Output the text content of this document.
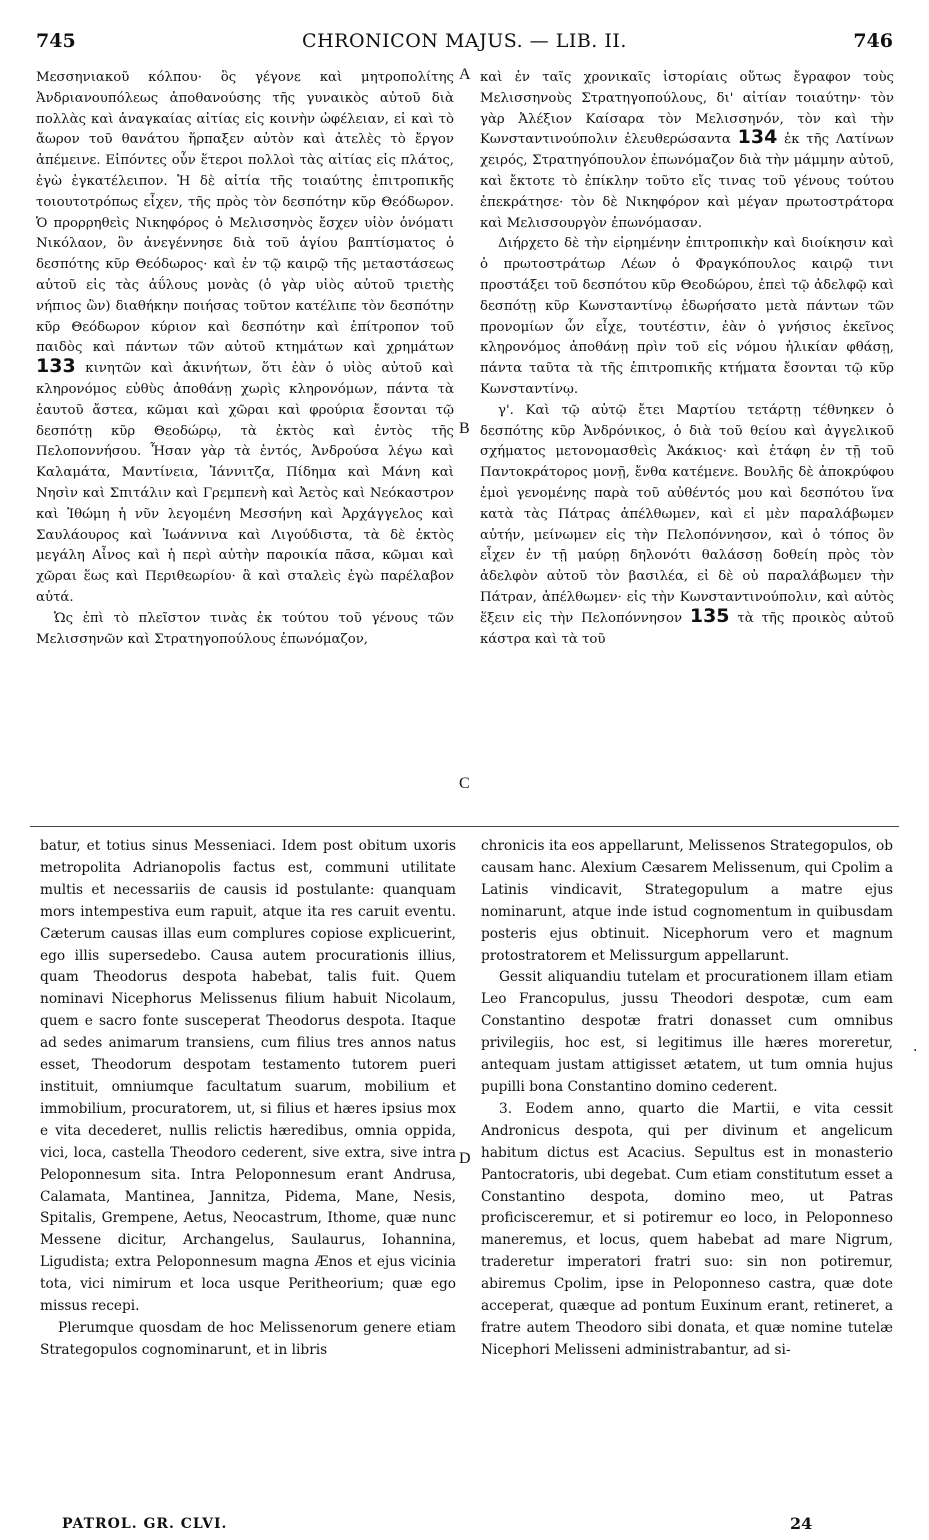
745	CHRONICON MAJUS. — LIB. II.	746

Μεσσηνιακοῦ κόλπου· ὃς γέγονε καὶ μητροπολίτης Ἀνδριανουπόλεως ἀποθανούσης τῆς γυναικὸς αὐτοῦ διὰ πολλὰς καὶ ἀναγκαίας αἰτίας εἰς κοινὴν ὠφέλειαν, εἰ καὶ τὸ ἄωρον τοῦ θανάτου ἥρπαξεν αὐτὸν καὶ ἀτελὲς τὸ ἔργον ἀπέμεινε. Εἰπόντες οὖν ἕτεροι πολλοὶ τὰς αἰτίας εἰς πλάτος, ἐγὼ ἐγκατέλειπον. Ἡ δὲ αἰτία τῆς τοιαύτης ἐπιτροπικῆς τοιουτοτρόπως εἶχεν, τῆς πρὸς τὸν δεσπότην κῦρ Θεόδωρον. Ὁ προρρηθεὶς Νικηφόρος ὁ Μελισσηνὸς ἔσχεν υἱὸν ὀνόματι Νικόλαον, ὃν ἀνεγέννησε διὰ τοῦ ἁγίου βαπτίσματος ὁ δεσπότης κῦρ Θεόδωρος· καὶ ἐν τῷ καιρῷ τῆς μεταστάσεως αὐτοῦ εἰς τὰς ἀΰλους μονὰς (ὁ γὰρ υἱὸς αὐτοῦ τριετὴς νήπιος ὢν) διαθήκην ποιήσας τοῦτον κατέλιπε τὸν δεσπότην κῦρ Θεόδωρον κύριον καὶ δεσπότην καὶ ἐπίτροπον τοῦ παιδὸς καὶ πάντων τῶν αὐτοῦ κτημάτων καὶ χρημάτων 133 κινητῶν καὶ ἀκινήτων, ὅτι ἐὰν ὁ υἱὸς αὐτοῦ καὶ κληρονόμος εὐθὺς ἀποθάνῃ χωρὶς κληρονόμων, πάντα τὰ ἑαυτοῦ ἄστεα, κῶμαι καὶ χῶραι καὶ φρούρια ἔσονται τῷ δεσπότῃ κῦρ Θεοδώρῳ, τὰ ἐκτὸς καὶ ἐντὸς τῆς Πελοποννήσου. Ἦσαν γὰρ τὰ ἐντός, Ἀνδρούσα λέγω καὶ Καλαμάτα, Μαντίνεια, Ἰάννιτζα, Πίδημα καὶ Μάνη καὶ Νησὶν καὶ Σπιτάλιν καὶ Γρεμπενὴ καὶ Ἀετὸς καὶ Νεόκαστρον καὶ Ἰθώμη ἡ νῦν λεγομένη Μεσσήνη καὶ Ἀρχάγγελος καὶ Σαυλάουρος καὶ Ἰωάννινα καὶ Λιγούδιστα, τὰ δὲ ἐκτὸς μεγάλη Αἶνος καὶ ἡ περὶ αὐτὴν παροικία πᾶσα, κῶμαι καὶ χῶραι ἕως καὶ Περιθεωρίου· ἃ καὶ σταλεὶς ἐγὼ παρέλαβον αὐτά.

Ὡς ἐπὶ τὸ πλεῖστον τινὰς ἐκ τούτου τοῦ γένους τῶν Μελισσηνῶν καὶ Στρατηγοπούλους ἐπωνόμαζον,

A
B
C
D

καὶ ἐν ταῖς χρονικαῖς ἱστορίαις οὕτως ἔγραφον τοὺς Μελισσηνοὺς Στρατηγοπούλους, δι' αἰτίαν τοιαύτην· τὸν γὰρ Ἀλέξιον Καίσαρα τὸν Μελισσηνόν, τὸν καὶ τὴν Κωνσταντινούπολιν ἐλευθερώσαντα 134 ἐκ τῆς Λατίνων χειρός, Στρατηγόπουλον ἐπωνόμαζον διὰ τὴν μάμμην αὐτοῦ, καὶ ἔκτοτε τὸ ἐπίκλην τοῦτο εἴς τινας τοῦ γένους τούτου ἐπεκράτησε· τὸν δὲ Νικηφόρον καὶ μέγαν πρωτοστράτορα καὶ Μελισσουργὸν ἐπωνόμασαν.

Διήρχετο δὲ τὴν εἰρημένην ἐπιτροπικὴν καὶ διοίκησιν καὶ ὁ πρωτοστράτωρ Λέων ὁ Φραγκόπουλος καιρῷ τινι προστάξει τοῦ δεσπότου κῦρ Θεοδώρου, ἐπεὶ τῷ ἀδελφῷ καὶ δεσπότῃ κῦρ Κωνσταντίνῳ ἐδωρήσατο μετὰ πάντων τῶν προνομίων ὧν εἶχε, τουτέστιν, ἐὰν ὁ γνήσιος ἐκεῖνος κληρονόμος ἀποθάνῃ πρὶν τοῦ εἰς νόμου ἡλικίαν φθάσῃ, πάντα ταῦτα τὰ τῆς ἐπιτροπικῆς κτήματα ἔσονται τῷ κῦρ Κωνσταντίνῳ.

γ'. Καὶ τῷ αὐτῷ ἔτει Μαρτίου τετάρτῃ τέθνηκεν ὁ δεσπότης κῦρ Ἀνδρόνικος, ὁ διὰ τοῦ θείου καὶ ἀγγελικοῦ σχήματος μετονομασθεὶς Ἀκάκιος· καὶ ἐτάφη ἐν τῇ τοῦ Παντοκράτορος μονῇ, ἔνθα κατέμενε. Βουλῆς δὲ ἀποκρύφου ἐμοὶ γενομένης παρὰ τοῦ αὐθέντός μου καὶ δεσπότου ἵνα κατὰ τὰς Πάτρας ἀπέλθωμεν, καὶ εἰ μὲν παραλάβωμεν αὐτήν, μείνωμεν εἰς τὴν Πελοπόννησον, καὶ ὁ τόπος ὃν εἶχεν ἐν τῇ μαύρῃ δηλονότι θαλάσσῃ δοθείη πρὸς τὸν ἀδελφὸν αὐτοῦ τὸν βασιλέα, εἰ δὲ οὐ παραλάβωμεν τὴν Πάτραν, ἀπέλθωμεν· εἰς τὴν Κωνσταντινούπολιν, καὶ αὐτὸς ἕξειν εἰς τὴν Πελοπόννησον 135 τὰ τῆς προικὸς αὐτοῦ κάστρα καὶ τὰ τοῦ

batur, et totius sinus Messeniaci. Idem post obitum uxoris metropolita Adrianopolis factus est, communi utilitate multis et necessariis de causis id postulante: quanquam mors intempestiva eum rapuit, atque ita res caruit eventu. Cæterum causas illas eum complures copiose explicuerint, ego illis supersedebo. Causa autem procurationis illius, quam Theodorus despota habebat, talis fuit. Quem nominavi Nicephorus Melissenus filium habuit Nicolaum, quem e sacro fonte susceperat Theodorus despota. Itaque ad sedes animarum transiens, cum filius tres annos natus esset, Theodorum despotam testamento tutorem pueri instituit, omniumque facultatum suarum, mobilium et immobilium, procuratorem, ut, si filius et hæres ipsius mox e vita decederet, nullis relictis hæredibus, omnia oppida, vici, loca, castella Theodoro cederent, sive extra, sive intra Peloponnesum sita. Intra Peloponnesum erant Andrusa, Calamata, Mantinea, Jannitza, Pidema, Mane, Nesis, Spitalis, Grempene, Aetus, Neocastrum, Ithome, quæ nunc Messene dicitur, Archangelus, Saulaurus, Iohannina, Ligudista; extra Peloponnesum magna Ænos et ejus vicinia tota, vici nimirum et loca usque Peritheorium; quæ ego missus recepi.

Plerumque quosdam de hoc Melissenorum genere etiam Strategopulos cognominarunt, et in libris

chronicis ita eos appellarunt, Melissenos Strategopulos, ob causam hanc. Alexium Cæsarem Melissenum, qui Cpolim a Latinis vindicavit, Strategopulum a matre ejus nominarunt, atque inde istud cognomentum in quibusdam posteris ejus obtinuit. Nicephorum vero et magnum protostratorem et Melissurgum appellarunt.

Gessit aliquandiu tutelam et procurationem illam etiam Leo Francopulus, jussu Theodori despotæ, cum eam Constantino despotæ fratri donasset cum omnibus privilegiis, hoc est, si legitimus ille hæres moreretur, antequam justam attigisset ætatem, ut tum omnia hujus pupilli bona Constantino domino cederent.

3. Eodem anno, quarto die Martii, e vita cessit Andronicus despota, qui per divinum et angelicum habitum dictus est Acacius. Sepultus est in monasterio Pantocratoris, ubi degebat. Cum etiam constitutum esset a Constantino despota, domino meo, ut Patras proficisceremur, et si potiremur eo loco, in Peloponneso maneremus, et locus, quem habebat ad mare Nigrum, traderetur imperatori fratri suo: sin non potiremur, abiremus Cpolim, ipse in Peloponneso castra, quæ dote acceperat, quæque ad pontum Euxinum erant, retineret, a fratre autem Theodoro sibi donata, et quæ nomine tutelæ Nicephori Melisseni administrabantur, ad si-

·
PATROL. GR. CLVI.	24
